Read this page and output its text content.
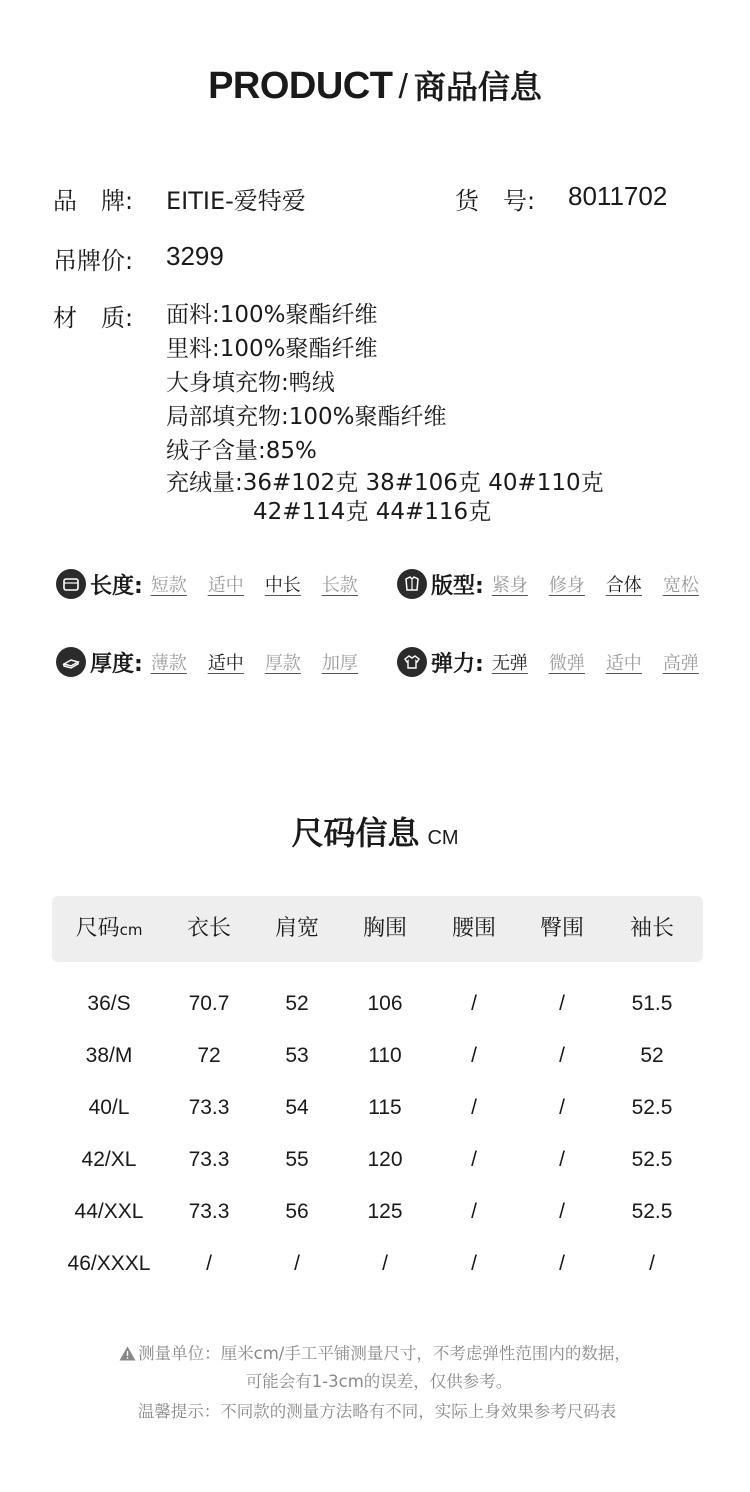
PRODUCT / 商品信息
品　牌: EITIE-爱特爱	货　号: 8011702
吊牌价: 3299
材　质: 面料:100%聚酯纤维
里料:100%聚酯纤维
大身填充物:鸭绒
局部填充物:100%聚酯纤维
绒子含量:85%
充绒量:36#102克 38#106克 40#110克
42#114克 44#116克
长度: 短款 适中 中长 长款	版型: 紧身 修身 合体 宽松
厚度: 薄款 适中 厚款 加厚	弹力: 无弹 微弹 适中 高弹
尺码信息 CM
尺码cm	衣长	肩宽	胸围	腰围	臀围	袖长
36/S	70.7	52	106	/	/	51.5
38/M	72	53	110	/	/	52
40/L	73.3	54	115	/	/	52.5
42/XL	73.3	55	120	/	/	52.5
44/XXL	73.3	56	125	/	/	52.5
46/XXXL	/	/	/	/	/	/
测量单位：厘米cm/手工平铺测量尺寸，不考虑弹性范围内的数据，
可能会有1-3cm的误差，仅供参考。
温馨提示：不同款的测量方法略有不同，实际上身效果参考尺码表
